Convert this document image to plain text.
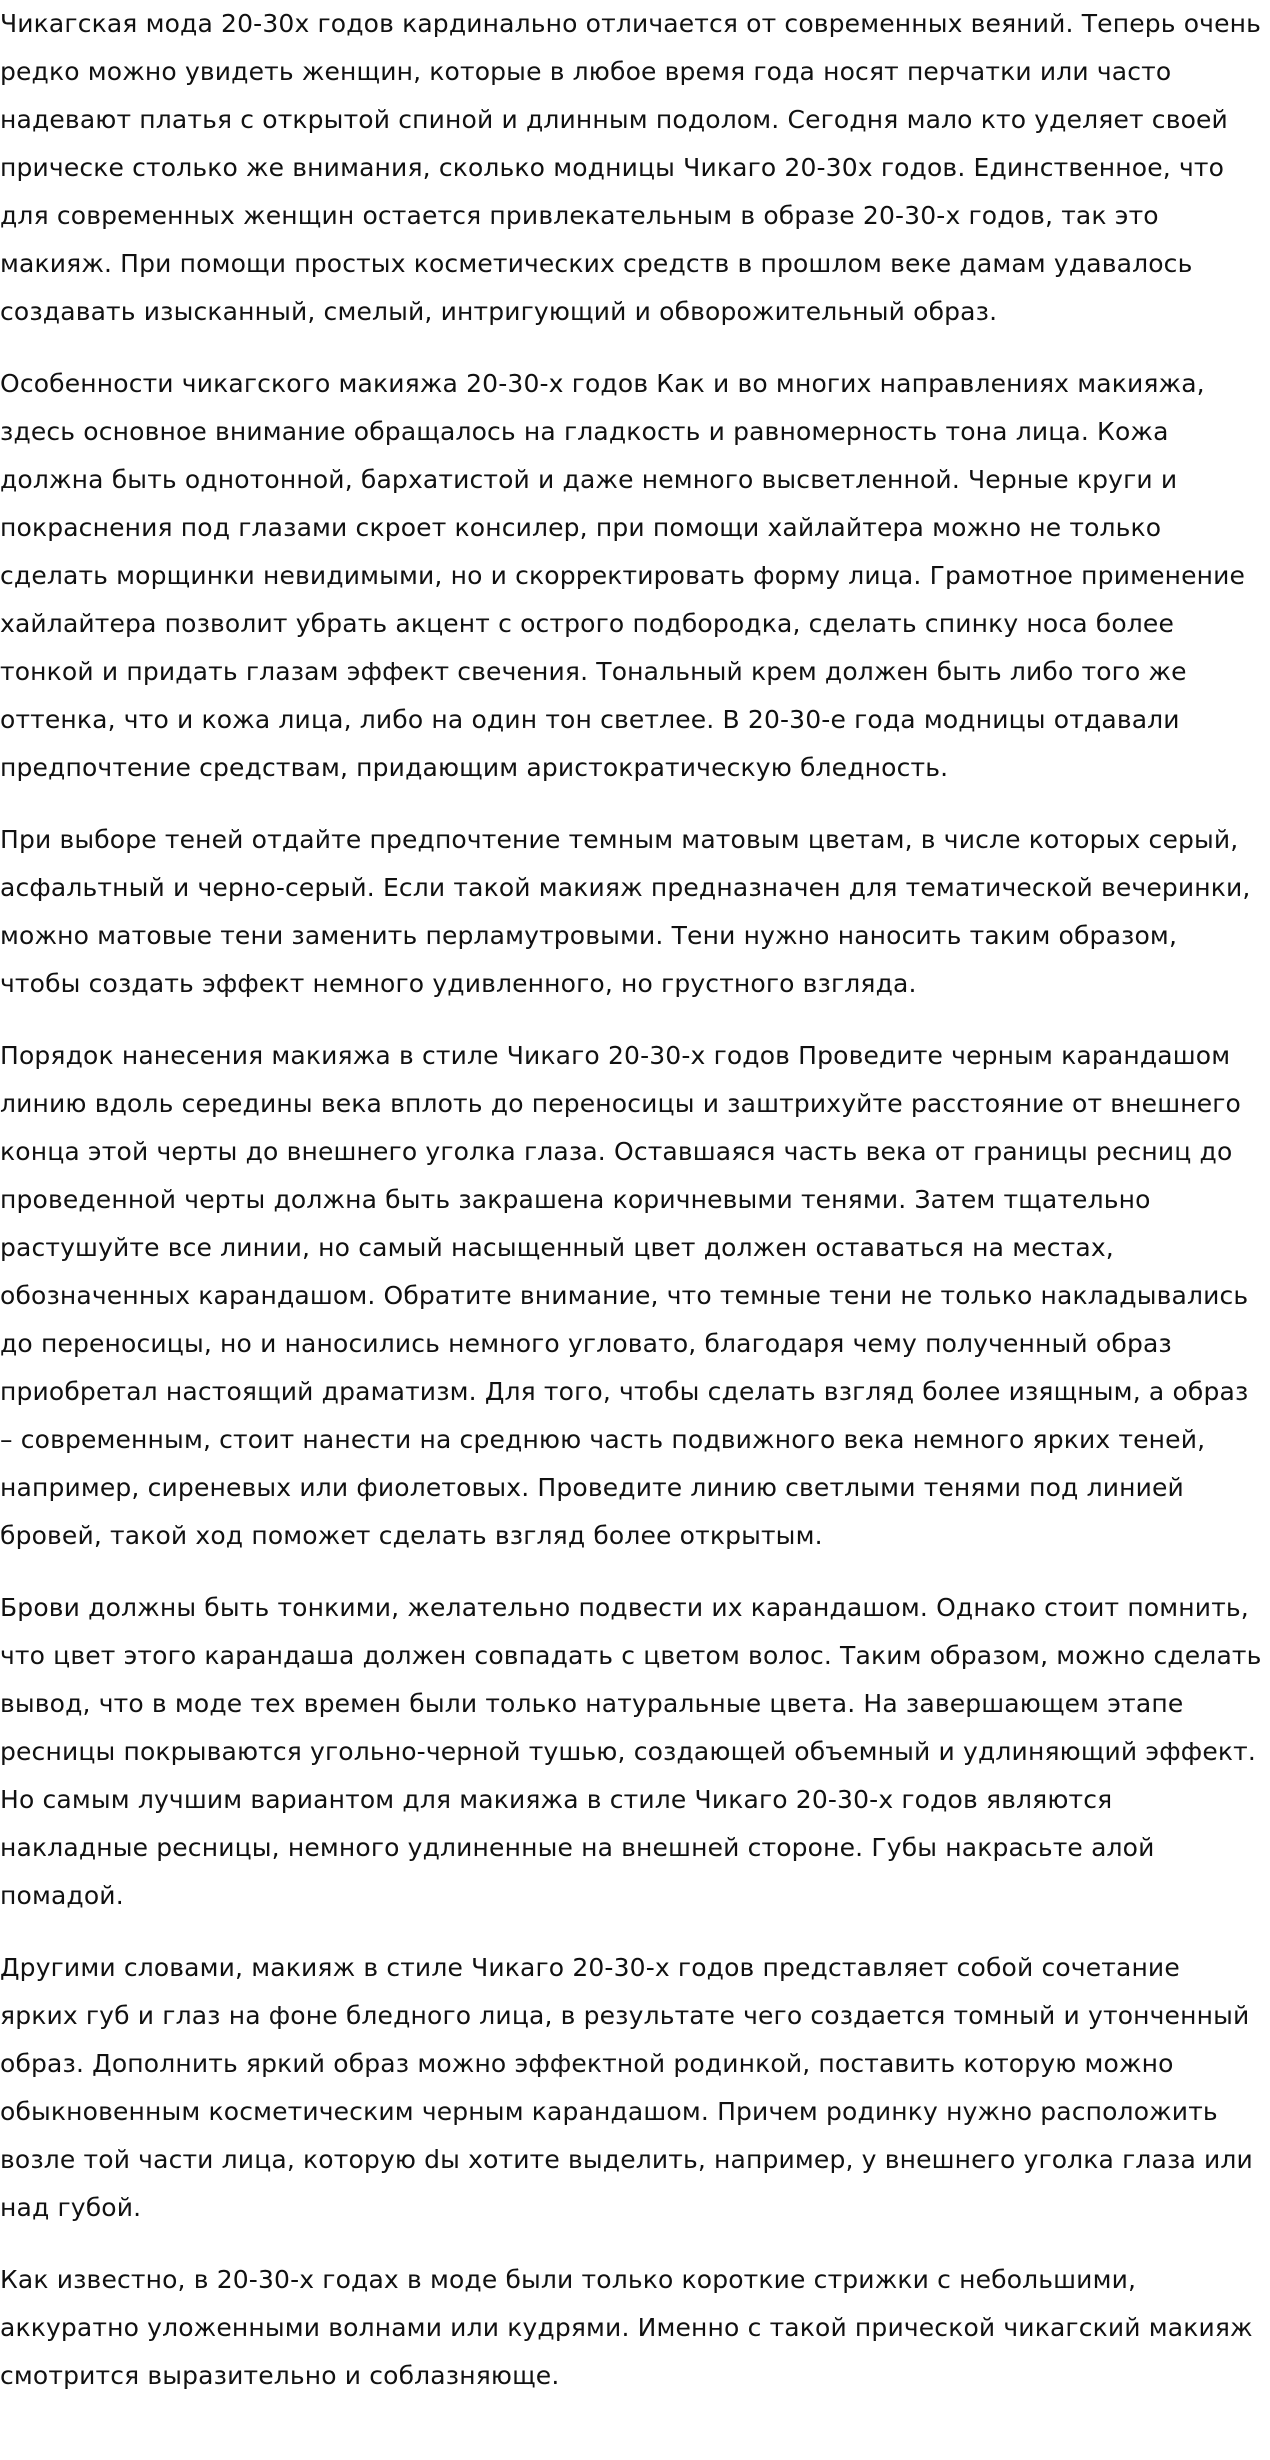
Чикагская мода 20-30х годов кардинально отличается от современных веяний. Теперь очень редко можно увидеть женщин, которые в любое время года носят перчатки или часто надевают платья с открытой спиной и длинным подолом. Сегодня мало кто уделяет своей прическе столько же внимания, сколько модницы Чикаго 20-30х годов. Единственное, что для современных женщин остается привлекательным в образе 20-30-х годов, так это макияж. При помощи простых косметических средств в прошлом веке дамам удавалось создавать изысканный, смелый, интригующий и обворожительный образ.

Особенности чикагского макияжа 20-30-х годов Как и во многих направлениях макияжа, здесь основное внимание обращалось на гладкость и равномерность тона лица. Кожа должна быть однотонной, бархатистой и даже немного высветленной. Черные круги и покраснения под глазами скроет консилер, при помощи хайлайтера можно не только сделать морщинки невидимыми, но и скорректировать форму лица. Грамотное применение хайлайтера позволит убрать акцент с острого подбородка, сделать спинку носа более тонкой и придать глазам эффект свечения. Тональный крем должен быть либо того же оттенка, что и кожа лица, либо на один тон светлее. В 20-30-е года модницы отдавали предпочтение средствам, придающим аристократическую бледность.

При выборе теней отдайте предпочтение темным матовым цветам, в числе которых серый, асфальтный и черно-серый. Если такой макияж предназначен для тематической вечеринки, можно матовые тени заменить перламутровыми. Тени нужно наносить таким образом, чтобы создать эффект немного удивленного, но грустного взгляда.

Порядок нанесения макияжа в стиле Чикаго 20-30-х годов Проведите черным карандашом линию вдоль середины века вплоть до переносицы и заштрихуйте расстояние от внешнего конца этой черты до внешнего уголка глаза. Оставшаяся часть века от границы ресниц до проведенной черты должна быть закрашена коричневыми тенями. Затем тщательно растушуйте все линии, но самый насыщенный цвет должен оставаться на местах, обозначенных карандашом. Обратите внимание, что темные тени не только накладывались до переносицы, но и наносились немного угловато, благодаря чему полученный образ приобретал настоящий драматизм. Для того, чтобы сделать взгляд более изящным, а образ – современным, стоит нанести на среднюю часть подвижного века немного ярких теней, например, сиреневых или фиолетовых. Проведите линию светлыми тенями под линией бровей, такой ход поможет сделать взгляд более открытым.

Брови должны быть тонкими, желательно подвести их карандашом. Однако стоит помнить, что цвет этого карандаша должен совпадать с цветом волос. Таким образом, можно сделать вывод, что в моде тех времен были только натуральные цвета. На завершающем этапе ресницы покрываются угольно-черной тушью, создающей объемный и удлиняющий эффект. Но самым лучшим вариантом для макияжа в стиле Чикаго 20-30-х годов являются накладные ресницы, немного удлиненные на внешней стороне. Губы накрасьте алой помадой.

Другими словами, макияж в стиле Чикаго 20-30-х годов представляет собой сочетание ярких губ и глаз на фоне бледного лица, в результате чего создается томный и утонченный образ. Дополнить яркий образ можно эффектной родинкой, поставить которую можно обыкновенным косметическим черным карандашом. Причем родинку нужно расположить возле той части лица, которую dы хотите выделить, например, у внешнего уголка глаза или над губой.

Как известно, в 20-30-х годах в моде были только короткие стрижки с небольшими, аккуратно уложенными волнами или кудрями. Именно с такой прической чикагский макияж смотрится выразительно и соблазняюще.
